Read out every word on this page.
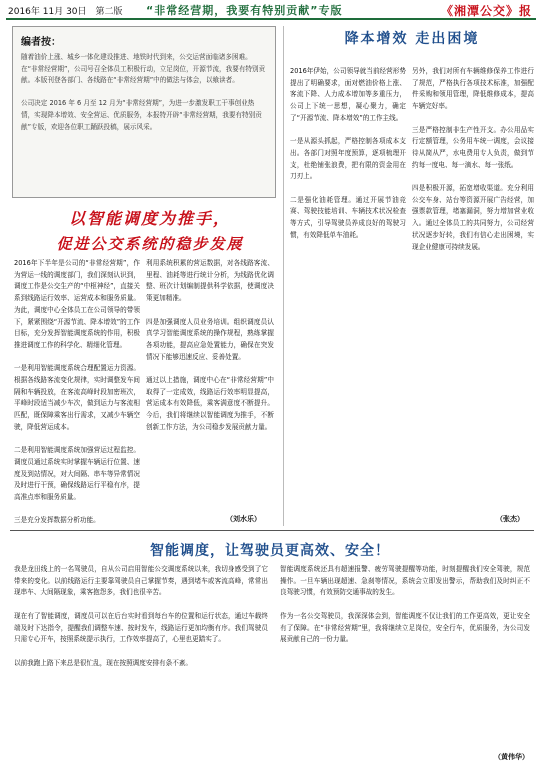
2016年 11月 30日　第二版 “非常经营期，我要有特别贡献”专版	《湘潭公交》报
编者按：
随着油价上涨、城乡一体化建设推进、地铁时代到来，公交运营面临诸多困难。在“非常经营期”，公司号召全体员工积极行动，立足岗位，开源节流，我要有特别贡献。本版刊登各部门、各线路在“非常经营期”中的做法与体会，以飨读者。

公司决定 2016 年 6 月至 12 月为“非常经营期”，为进一步激发职工干事创业热情，实现降本增效、安全营运、优质服务，本报特开辟“非常经营期，我要有特别贡献”专版，欢迎各位职工踊跃投稿，展示风采。
以智能调度为推手，
促进公交系统的稳步发展
2016年下半年是公司的“非常经营期”，作为营运一线的调度部门，我们深刻认识到，调度工作是公交生产的“中枢神经”，直接关系到线路运行效率、运营成本和服务质量。为此，调度中心全体员工在公司领导的带领下，紧紧围绕“开源节流、降本增效”的工作目标，充分发挥智能调度系统的作用，积极推进调度工作的科学化、精细化管理。

一是利用智能调度系统合理配置运力资源。根据各线路客流变化规律，实时调整发车间隔和车辆投放，在客流高峰时段加密班次，平峰时段适当减少车次，做到运力与客流相匹配，既保障乘客出行需求，又减少车辆空驶，降低营运成本。

二是利用智能调度系统加强营运过程监控。调度员通过系统实时掌握车辆运行位置、速度及到站情况，对大间隔、串车等异常情况及时进行干预，确保线路运行平稳有序，提高准点率和服务质量。

三是充分发挥数据分析功能。
利用系统积累的营运数据，对各线路客流、里程、油耗等进行统计分析，为线路优化调整、班次计划编制提供科学依据，使调度决策更加精准。

四是加强调度人员业务培训。组织调度员认真学习智能调度系统的操作规程，熟练掌握各项功能，提高应急处置能力，确保在突发情况下能够迅速反应、妥善处置。

通过以上措施，调度中心在“非常经营期”中取得了一定成效，线路运行效率明显提高，营运成本有效降低，乘客满意度不断提升。今后，我们将继续以智能调度为推手，不断创新工作方法，为公司稳步发展贡献力量。
（刘水乐）
降本增效 走出困境
2016年伊始，公司领导就当前经营形势提出了明确要求，面对燃油价格上涨、客流下降、人力成本增加等多重压力，公司上下统一思想，凝心聚力，确定了“开源节流、降本增效”的工作主线。

一是从源头抓起，严格控制各项成本支出。各部门对照年度预算，逐项梳理开支，杜绝铺张浪费，把有限的资金用在刀刃上。

二是强化油耗管理。通过开展节油竞赛、驾驶技能培训、车辆技术状况检查等方式，引导驾驶员养成良好的驾驶习惯，有效降低单车油耗。
另外，我们对所有车辆维修保养工作进行了规范，严格执行各项技术标准，加强配件采购和领用管理，降低维修成本，提高车辆完好率。

三是严格控制非生产性开支。办公用品实行定额管理，公务用车统一调度，会议接待从简从严，水电费用专人负责，做到节约每一度电、每一滴水、每一张纸。

四是积极开源，拓宽增收渠道。充分利用公交车身、站台等资源开展广告经营，加强票款管理，堵塞漏洞，努力增加营业收入。通过全体员工的共同努力，公司经营状况逐步好转，我们有信心走出困境，实现企业健康可持续发展。
（张杰）
智能调度，让驾驶员更高效、安全！
我是龙田线上的一名驾驶员，自从公司启用智能公交调度系统以来，我切身感受到了它带来的变化。以前线路运行主要靠驾驶员自己掌握节奏，遇到堵车或客流高峰，常常出现串车、大间隔现象，乘客抱怨多，我们也很辛苦。

现在有了智能调度，调度员可以在后台实时看到每台车的位置和运行状态，通过车载终端及时下达指令，提醒我们调整车速、按时发车，线路运行更加均衡有序。我们驾驶员只需专心开车，按照系统提示执行，工作效率提高了，心里也更踏实了。

以前我跑上路下来总是很忙乱，现在按照调度安排有条不紊。
智能调度系统还具有超速报警、疲劳驾驶提醒等功能，时刻提醒我们安全驾驶，规范操作。一旦车辆出现超速、急刹等情况，系统会立即发出警示，帮助我们及时纠正不良驾驶习惯，有效预防交通事故的发生。

作为一名公交驾驶员，我深深体会到，智能调度不仅让我们的工作更高效，更让安全有了保障。在“非常经营期”里，我将继续立足岗位，安全行车，优质服务，为公司发展贡献自己的一份力量。
（黄伟华）
